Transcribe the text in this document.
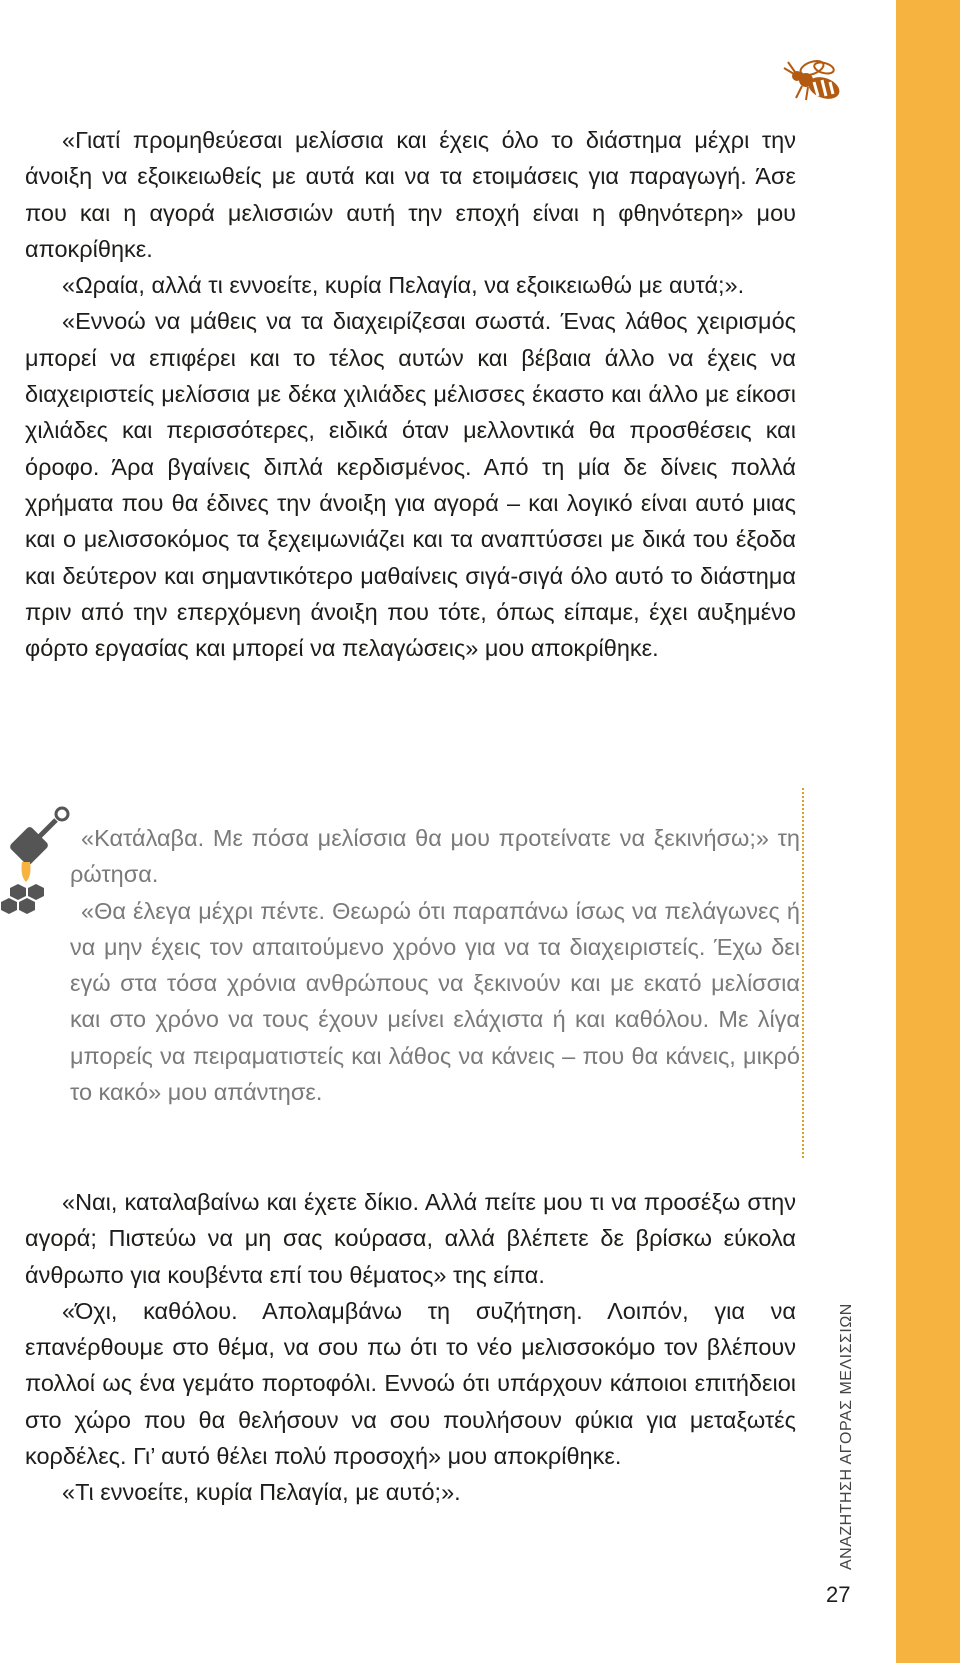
«Γιατί προμηθεύεσαι μελίσσια και έχεις όλο το διάστημα μέχρι την άνοιξη να εξοικειωθείς με αυτά και να τα ετοιμάσεις για παραγωγή. Άσε που και η αγορά μελισσιών αυτή την εποχή είναι η φθηνότερη» μου αποκρίθηκε.

«Ωραία, αλλά τι εννοείτε, κυρία Πελαγία, να εξοικειωθώ με αυτά;».

«Εννοώ να μάθεις να τα διαχειρίζεσαι σωστά. Ένας λάθος χειρισμός μπορεί να επιφέρει και το τέλος αυτών και βέβαια άλλο να έχεις να διαχειριστείς μελίσσια με δέκα χιλιάδες μέλισσες έκαστο και άλλο με είκοσι χιλιάδες και περισσότερες, ειδικά όταν μελλοντικά θα προσθέσεις και όροφο. Άρα βγαίνεις διπλά κερδισμένος. Από τη μία δε δίνεις πολλά χρήματα που θα έδινες την άνοιξη για αγορά – και λογικό είναι αυτό μιας και ο μελισσοκόμος τα ξεχειμωνιάζει και τα αναπτύσσει με δικά του έξοδα και δεύτερον και σημαντικότερο μαθαίνεις σιγά-σιγά όλο αυτό το διάστημα πριν από την επερχόμενη άνοιξη που τότε, όπως είπαμε, έχει αυξημένο φόρτο εργασίας και μπορεί να πελαγώσεις» μου αποκρίθηκε.

«Κατάλαβα. Με πόσα μελίσσια θα μου προτείνατε να ξεκινήσω;» τη ρώτησα.

«Θα έλεγα μέχρι πέντε. Θεωρώ ότι παραπάνω ίσως να πελάγωνες ή να μην έχεις τον απαιτούμενο χρόνο για να τα διαχειριστείς. Έχω δει εγώ στα τόσα χρόνια ανθρώπους να ξεκινούν και με εκατό μελίσσια και στο χρόνο να τους έχουν μείνει ελάχιστα ή και καθόλου. Με λίγα μπορείς να πειραματιστείς και λάθος να κάνεις – που θα κάνεις, μικρό το κακό» μου απάντησε.

«Ναι, καταλαβαίνω και έχετε δίκιο. Αλλά πείτε μου τι να προσέξω στην αγορά; Πιστεύω να μη σας κούρασα, αλλά βλέπετε δε βρίσκω εύκολα άνθρωπο για κουβέντα επί του θέματος» της είπα.

«Όχι, καθόλου. Απολαμβάνω τη συζήτηση. Λοιπόν, για να επανέρθουμε στο θέμα, να σου πω ότι το νέο μελισσοκόμο τον βλέπουν πολλοί ως ένα γεμάτο πορτοφόλι. Εννοώ ότι υπάρχουν κάποιοι επιτήδειοι στο χώρο που θα θελήσουν να σου πουλήσουν φύκια για μεταξωτές κορδέλες. Γι’ αυτό θέλει πολύ προσοχή» μου αποκρίθηκε.

«Τι εννοείτε, κυρία Πελαγία, με αυτό;».	ΑΝΑΖΗΤΗΣΗ ΑΓΟΡΑΣ ΜΕΛΙΣΣΙΩΝ
27
